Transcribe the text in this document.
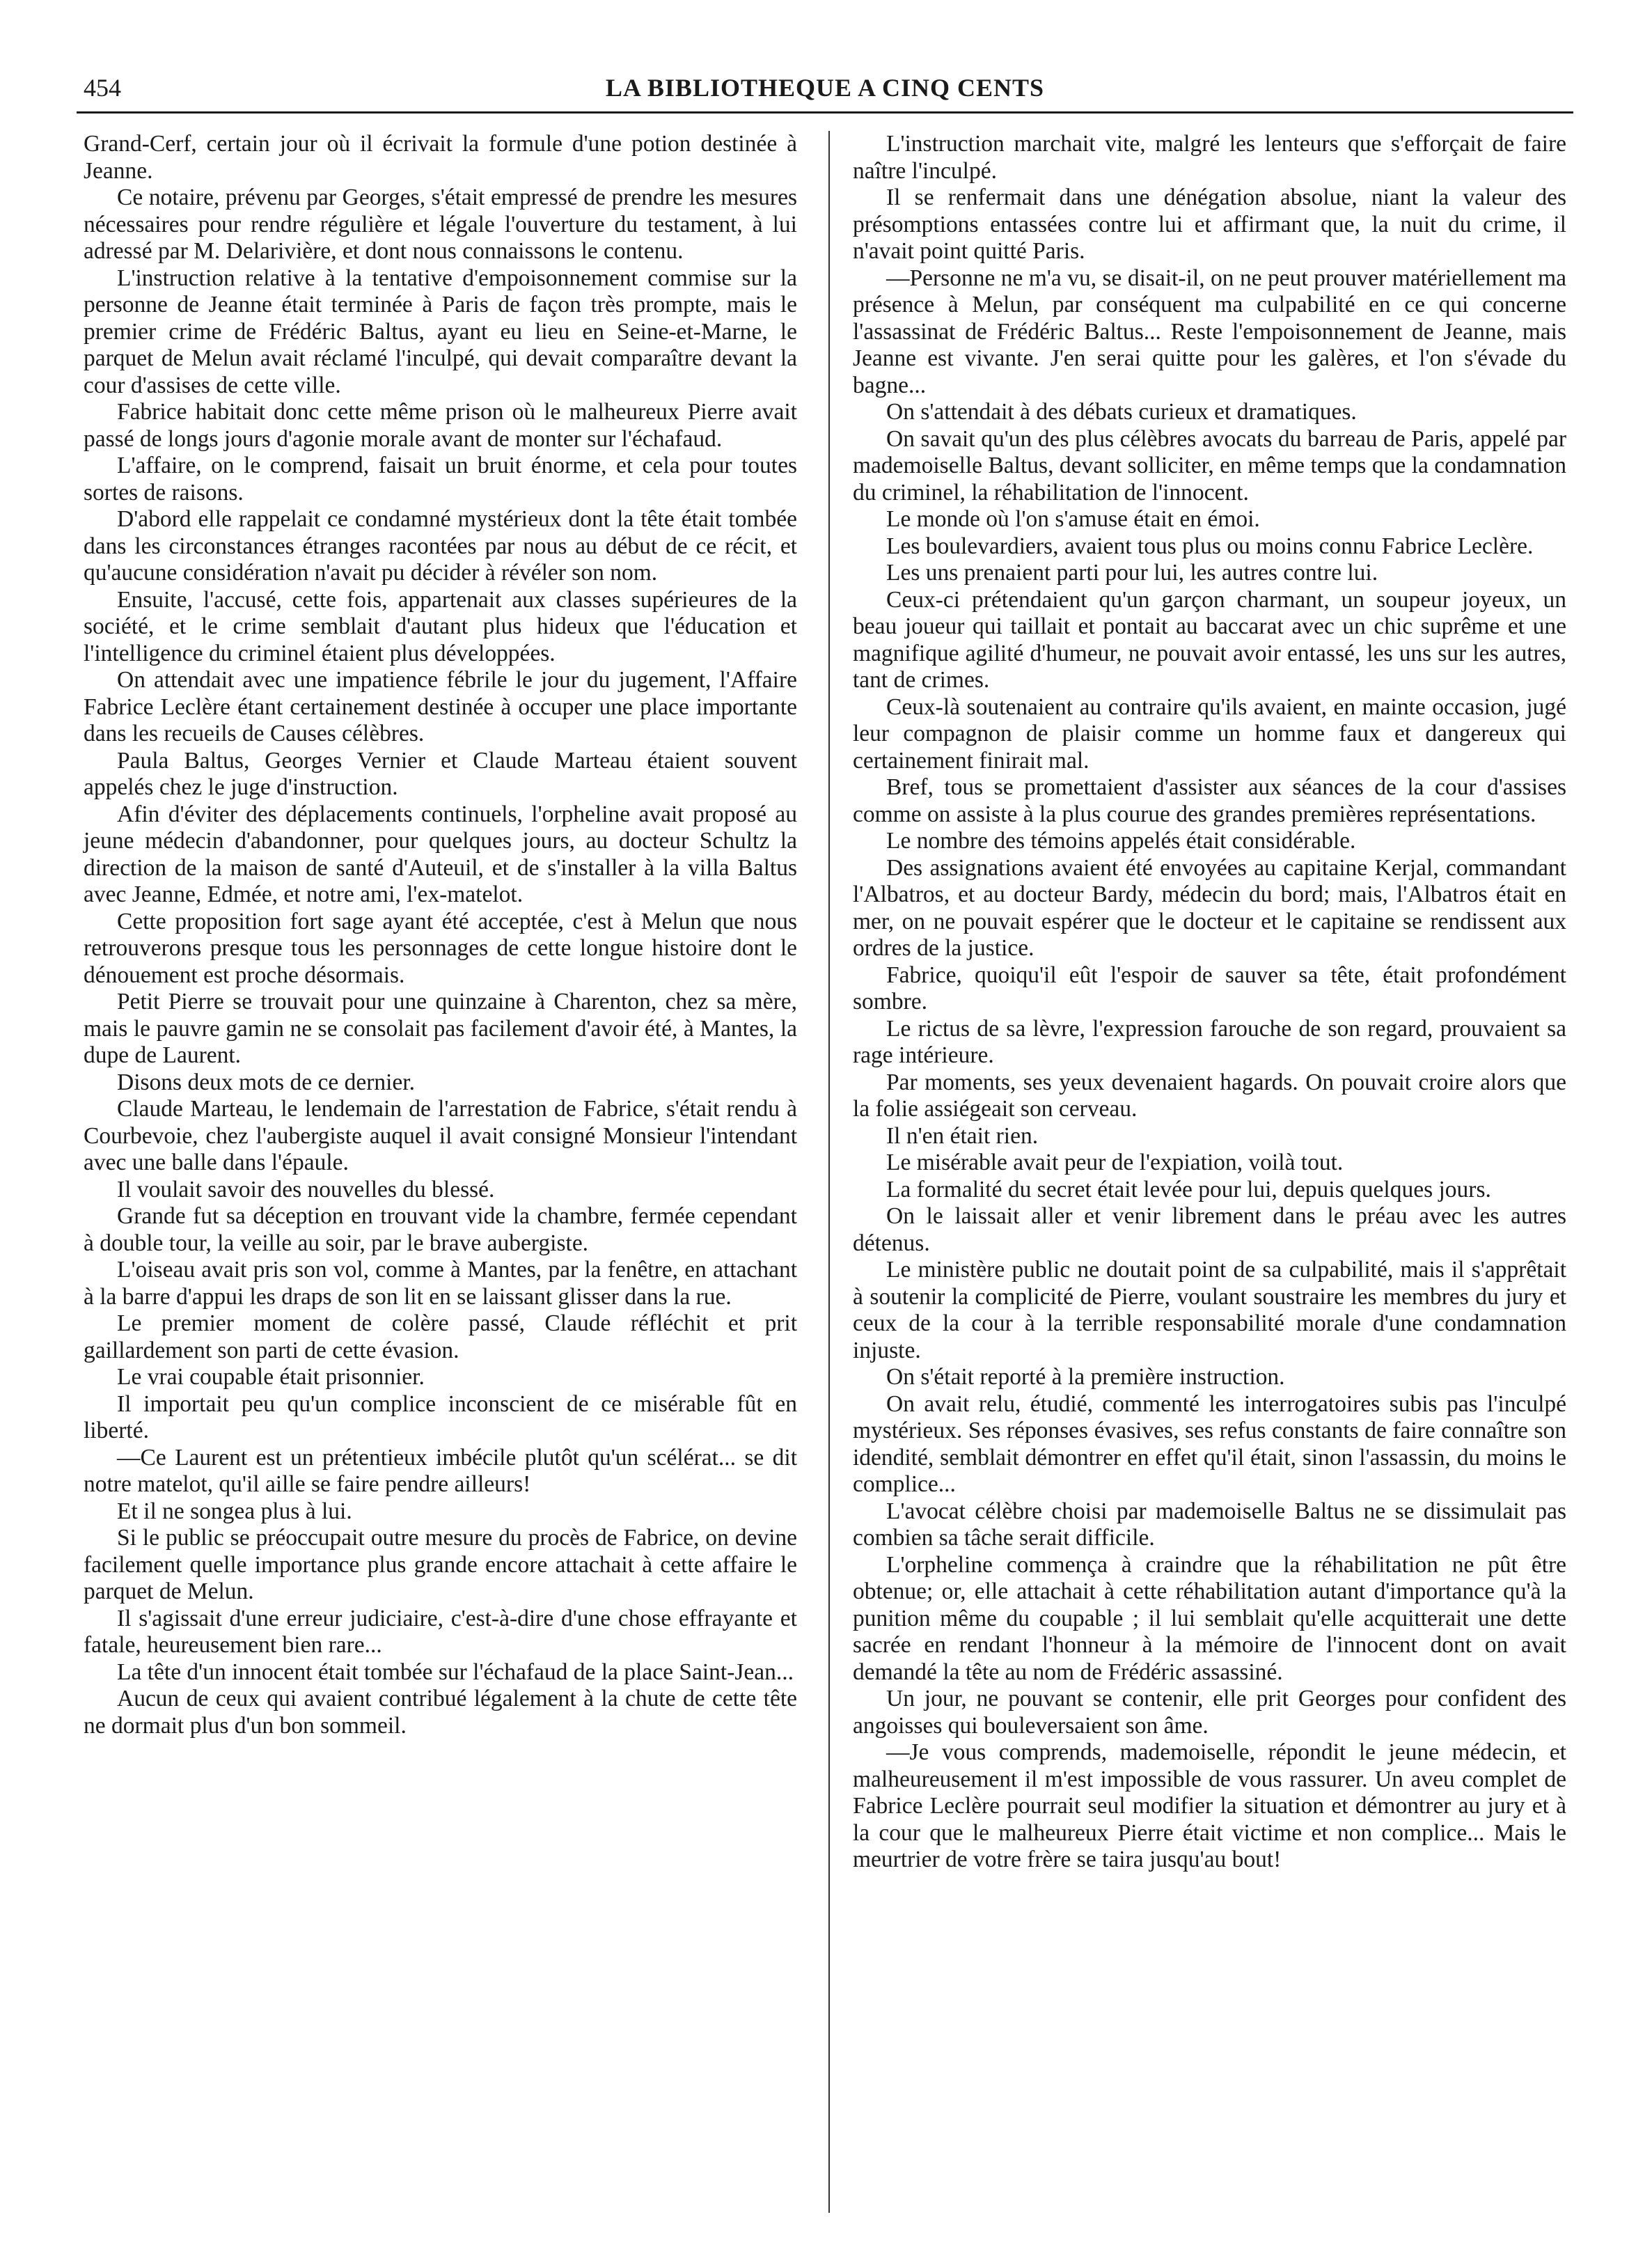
454	LA BIBLIOTHEQUE A CINQ CENTS

Grand-Cerf, certain jour où il écrivait la formule d'une potion destinée à Jeanne.

Ce notaire, prévenu par Georges, s'était empressé de prendre les mesures nécessaires pour rendre régulière et légale l'ouverture du testament, à lui adressé par M. Delarivière, et dont nous connaissons le contenu.

L'instruction relative à la tentative d'empoisonnement commise sur la personne de Jeanne était terminée à Paris de façon très prompte, mais le premier crime de Frédéric Baltus, ayant eu lieu en Seine-et-Marne, le parquet de Melun avait réclamé l'inculpé, qui devait comparaître devant la cour d'assises de cette ville.

Fabrice habitait donc cette même prison où le malheureux Pierre avait passé de longs jours d'agonie morale avant de monter sur l'échafaud.

L'affaire, on le comprend, faisait un bruit énorme, et cela pour toutes sortes de raisons.

D'abord elle rappelait ce condamné mystérieux dont la tête était tombée dans les circonstances étranges racontées par nous au début de ce récit, et qu'aucune considération n'avait pu décider à révéler son nom.

Ensuite, l'accusé, cette fois, appartenait aux classes supérieures de la société, et le crime semblait d'autant plus hideux que l'éducation et l'intelligence du criminel étaient plus développées.

On attendait avec une impatience fébrile le jour du jugement, l'Affaire Fabrice Leclère étant certainement destinée à occuper une place importante dans les recueils de Causes célèbres.

Paula Baltus, Georges Vernier et Claude Marteau étaient souvent appelés chez le juge d'instruction.

Afin d'éviter des déplacements continuels, l'orpheline avait proposé au jeune médecin d'abandonner, pour quelques jours, au docteur Schultz la direction de la maison de santé d'Auteuil, et de s'installer à la villa Baltus avec Jeanne, Edmée, et notre ami, l'ex-matelot.

Cette proposition fort sage ayant été acceptée, c'est à Melun que nous retrouverons presque tous les personnages de cette longue histoire dont le dénouement est proche désormais.

Petit Pierre se trouvait pour une quinzaine à Charenton, chez sa mère, mais le pauvre gamin ne se consolait pas facilement d'avoir été, à Mantes, la dupe de Laurent.

Disons deux mots de ce dernier.

Claude Marteau, le lendemain de l'arrestation de Fabrice, s'était rendu à Courbevoie, chez l'aubergiste auquel il avait consigné Monsieur l'intendant avec une balle dans l'épaule.

Il voulait savoir des nouvelles du blessé.

Grande fut sa déception en trouvant vide la chambre, fermée cependant à double tour, la veille au soir, par le brave aubergiste.

L'oiseau avait pris son vol, comme à Mantes, par la fenêtre, en attachant à la barre d'appui les draps de son lit en se laissant glisser dans la rue.

Le premier moment de colère passé, Claude réfléchit et prit gaillardement son parti de cette évasion.

Le vrai coupable était prisonnier.

Il importait peu qu'un complice inconscient de ce misérable fût en liberté.

—Ce Laurent est un prétentieux imbécile plutôt qu'un scélérat... se dit notre matelot, qu'il aille se faire pendre ailleurs!

Et il ne songea plus à lui.

Si le public se préoccupait outre mesure du procès de Fabrice, on devine facilement quelle importance plus grande encore attachait à cette affaire le parquet de Melun.

Il s'agissait d'une erreur judiciaire, c'est-à-dire d'une chose effrayante et fatale, heureusement bien rare...

La tête d'un innocent était tombée sur l'échafaud de la place Saint-Jean...

Aucun de ceux qui avaient contribué légalement à la chute de cette tête ne dormait plus d'un bon sommeil.

L'instruction marchait vite, malgré les lenteurs que s'efforçait de faire naître l'inculpé.

Il se renfermait dans une dénégation absolue, niant la valeur des présomptions entassées contre lui et affirmant que, la nuit du crime, il n'avait point quitté Paris.

—Personne ne m'a vu, se disait-il, on ne peut prouver matériellement ma présence à Melun, par conséquent ma culpabilité en ce qui concerne l'assassinat de Frédéric Baltus... Reste l'empoisonnement de Jeanne, mais Jeanne est vivante. J'en serai quitte pour les galères, et l'on s'évade du bagne...

On s'attendait à des débats curieux et dramatiques.

On savait qu'un des plus célèbres avocats du barreau de Paris, appelé par mademoiselle Baltus, devant solliciter, en même temps que la condamnation du criminel, la réhabilitation de l'innocent.

Le monde où l'on s'amuse était en émoi.

Les boulevardiers, avaient tous plus ou moins connu Fabrice Leclère.

Les uns prenaient parti pour lui, les autres contre lui.

Ceux-ci prétendaient qu'un garçon charmant, un soupeur joyeux, un beau joueur qui taillait et pontait au baccarat avec un chic suprême et une magnifique agilité d'humeur, ne pouvait avoir entassé, les uns sur les autres, tant de crimes.

Ceux-là soutenaient au contraire qu'ils avaient, en mainte occasion, jugé leur compagnon de plaisir comme un homme faux et dangereux qui certainement finirait mal.

Bref, tous se promettaient d'assister aux séances de la cour d'assises comme on assiste à la plus courue des grandes premières représentations.

Le nombre des témoins appelés était considérable.

Des assignations avaient été envoyées au capitaine Kerjal, commandant l'Albatros, et au docteur Bardy, médecin du bord; mais, l'Albatros était en mer, on ne pouvait espérer que le docteur et le capitaine se rendissent aux ordres de la justice.

Fabrice, quoiqu'il eût l'espoir de sauver sa tête, était profondément sombre.

Le rictus de sa lèvre, l'expression farouche de son regard, prouvaient sa rage intérieure.

Par moments, ses yeux devenaient hagards. On pouvait croire alors que la folie assiégeait son cerveau.

Il n'en était rien.

Le misérable avait peur de l'expiation, voilà tout.

La formalité du secret était levée pour lui, depuis quelques jours.

On le laissait aller et venir librement dans le préau avec les autres détenus.

Le ministère public ne doutait point de sa culpabilité, mais il s'apprêtait à soutenir la complicité de Pierre, voulant soustraire les membres du jury et ceux de la cour à la terrible responsabilité morale d'une condamnation injuste.

On s'était reporté à la première instruction.

On avait relu, étudié, commenté les interrogatoires subis pas l'inculpé mystérieux. Ses réponses évasives, ses refus constants de faire connaître son idendité, semblait démontrer en effet qu'il était, sinon l'assassin, du moins le complice...

L'avocat célèbre choisi par mademoiselle Baltus ne se dissimulait pas combien sa tâche serait difficile.

L'orpheline commença à craindre que la réhabilitation ne pût être obtenue; or, elle attachait à cette réhabilitation autant d'importance qu'à la punition même du coupable ; il lui semblait qu'elle acquitterait une dette sacrée en rendant l'honneur à la mémoire de l'innocent dont on avait demandé la tête au nom de Frédéric assassiné.

Un jour, ne pouvant se contenir, elle prit Georges pour confident des angoisses qui bouleversaient son âme.

—Je vous comprends, mademoiselle, répondit le jeune médecin, et malheureusement il m'est impossible de vous rassurer. Un aveu complet de Fabrice Leclère pourrait seul modifier la situation et démontrer au jury et à la cour que le malheureux Pierre était victime et non complice... Mais le meurtrier de votre frère se taira jusqu'au bout!
